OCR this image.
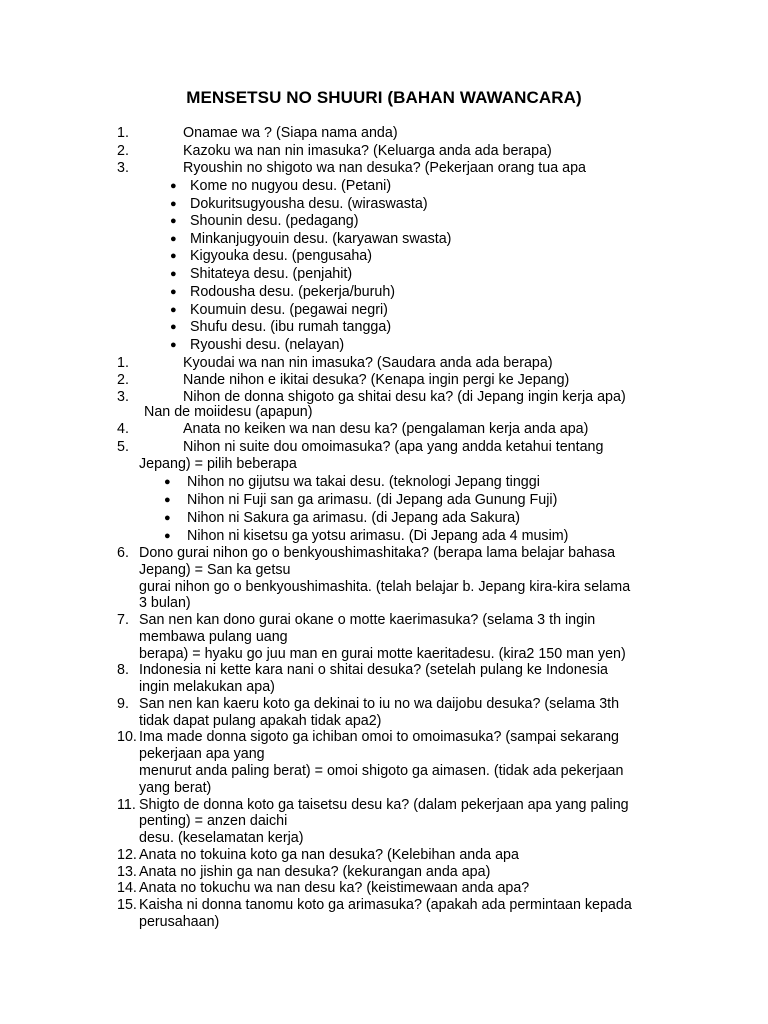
MENSETSU NO SHUURI (BAHAN WAWANCARA)
1.	Onamae wa ? (Siapa nama anda)
2.	Kazoku wa nan nin imasuka? (Keluarga anda ada berapa)
3.	Ryoushin no shigoto wa nan desuka? (Pekerjaan orang tua apa
● Kome no nugyou desu. (Petani)
● Dokuritsugyousha desu. (wiraswasta)
● Shounin desu. (pedagang)
● Minkanjugyouin desu. (karyawan swasta)
● Kigyouka desu. (pengusaha)
● Shitateya desu. (penjahit)
● Rodousha desu. (pekerja/buruh)
● Koumuin desu. (pegawai negri)
● Shufu desu. (ibu rumah tangga)
● Ryoushi desu. (nelayan)
1.	Kyoudai wa nan nin imasuka? (Saudara anda ada berapa)
2.	Nande nihon e ikitai desuka? (Kenapa ingin pergi ke Jepang)
3.	Nihon de donna shigoto ga shitai desu ka? (di Jepang ingin kerja apa)
Nan de moiidesu (apapun)
4.	Anata no keiken wa nan desu ka? (pengalaman kerja anda apa)
5.	Nihon ni suite dou omoimasuka? (apa yang andda ketahui tentang
Jepang) = pilih beberapa
● Nihon no gijutsu wa takai desu. (teknologi Jepang tinggi
● Nihon ni Fuji san ga arimasu. (di Jepang ada Gunung Fuji)
● Nihon ni Sakura ga arimasu. (di Jepang ada Sakura)
● Nihon ni kisetsu ga yotsu arimasu. (Di Jepang ada 4 musim)
6. Dono gurai nihon go o benkyoushimashitaka? (berapa lama belajar bahasa
Jepang) = San ka getsu
gurai nihon go o benkyoushimashita. (telah belajar b. Jepang kira-kira selama
3 bulan)
7. San nen kan dono gurai okane o motte kaerimasuka? (selama 3 th ingin
membawa pulang uang
berapa) = hyaku go juu man en gurai motte kaeritadesu. (kira2 150 man yen)
8. Indonesia ni kette kara nani o shitai desuka? (setelah pulang ke Indonesia
ingin melakukan apa)
9. San nen kan kaeru koto ga dekinai to iu no wa daijobu desuka? (selama 3th
tidak dapat pulang apakah tidak apa2)
10. Ima made donna sigoto ga ichiban omoi to omoimasuka? (sampai sekarang
pekerjaan apa yang
menurut anda paling berat) = omoi shigoto ga aimasen. (tidak ada pekerjaan
yang berat)
11. Shigto de donna koto ga taisetsu desu ka? (dalam pekerjaan apa yang paling
penting) = anzen daichi
desu. (keselamatan kerja)
12. Anata no tokuina koto ga nan desuka? (Kelebihan anda apa
13. Anata no jishin ga nan desuka? (kekurangan anda apa)
14. Anata no tokuchu wa nan desu ka? (keistimewaan anda apa?
15. Kaisha ni donna tanomu koto ga arimasuka? (apakah ada permintaan kepada
perusahaan)
